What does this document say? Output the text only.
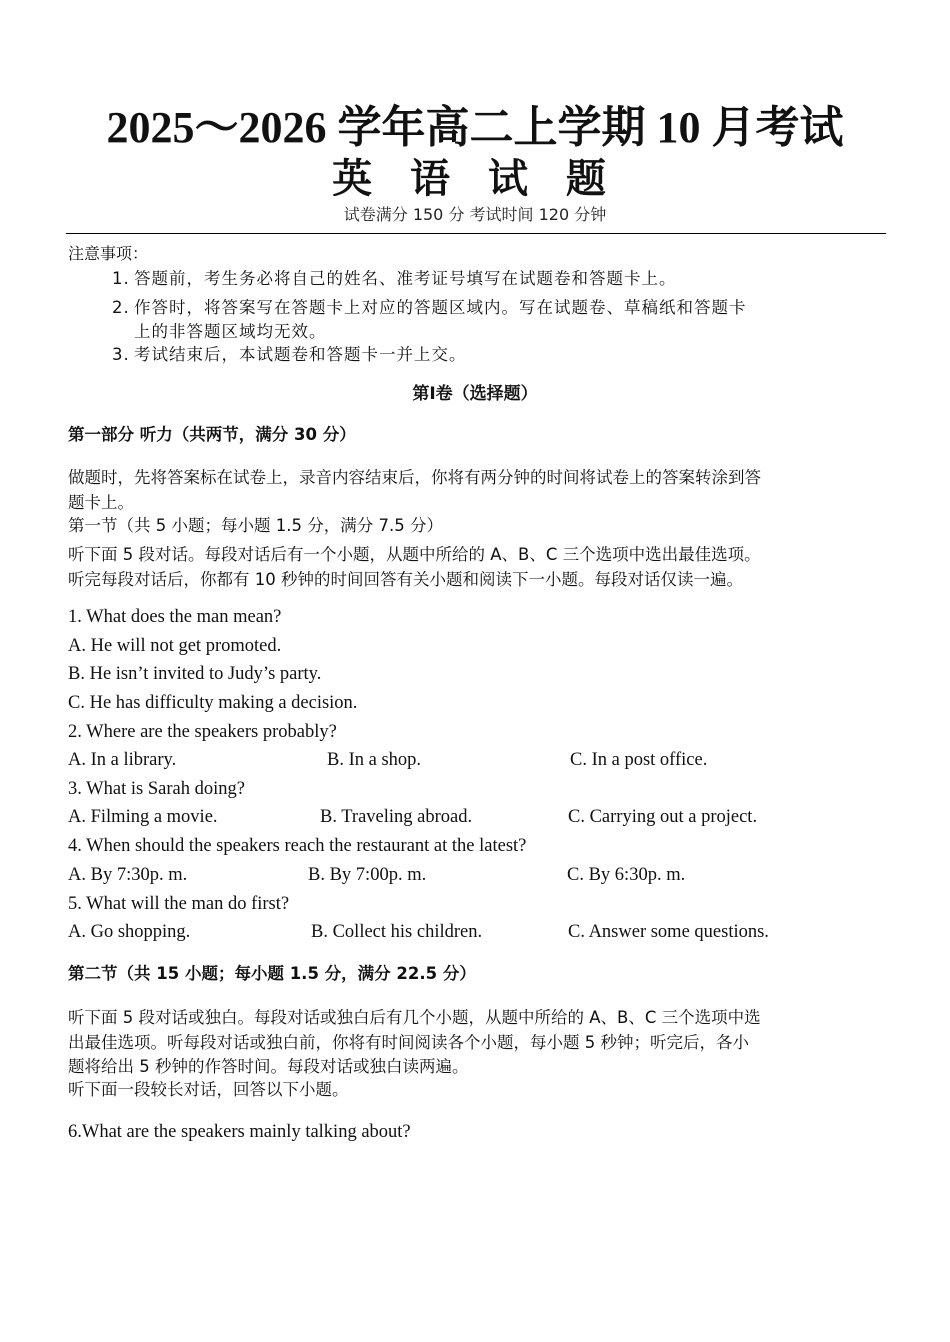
2025～2026 学年高二上学期 10 月考试
英 语 试 题
试卷满分 150 分 考试时间 120 分钟
注意事项：
1. 答题前，考生务必将自己的姓名、准考证号填写在试题卷和答题卡上。
2. 作答时，将答案写在答题卡上对应的答题区域内。写在试题卷、草稿纸和答题卡
上的非答题区域均无效。
3. 考试结束后，本试题卷和答题卡一并上交。
第Ⅰ卷（选择题）
第一部分 听力（共两节，满分 30 分）
做题时，先将答案标在试卷上，录音内容结束后，你将有两分钟的时间将试卷上的答案转涂到答
题卡上。
第一节（共 5 小题；每小题 1.5 分，满分 7.5 分）
听下面 5 段对话。每段对话后有一个小题，从题中所给的 A、B、C 三个选项中选出最佳选项。
听完每段对话后，你都有 10 秒钟的时间回答有关小题和阅读下一小题。每段对话仅读一遍。
1. What does the man mean?
A. He will not get promoted.
B. He isn’t invited to Judy’s party.
C. He has difficulty making a decision.
2. Where are the speakers probably?
A. In a library.	B. In a shop.	C. In a post office.
3. What is Sarah doing?
A. Filming a movie.	B. Traveling abroad.	C. Carrying out a project.
4. When should the speakers reach the restaurant at the latest?
A. By 7:30p. m.	B. By 7:00p. m.	C. By 6:30p. m.
5. What will the man do first?
A. Go shopping.	B. Collect his children.	C. Answer some questions.
第二节（共 15 小题；每小题 1.5 分，满分 22.5 分）
听下面 5 段对话或独白。每段对话或独白后有几个小题，从题中所给的 A、B、C 三个选项中选
出最佳选项。听每段对话或独白前，你将有时间阅读各个小题，每小题 5 秒钟；听完后，各小
题将给出 5 秒钟的作答时间。每段对话或独白读两遍。
听下面一段较长对话，回答以下小题。
6.What are the speakers mainly talking about?
